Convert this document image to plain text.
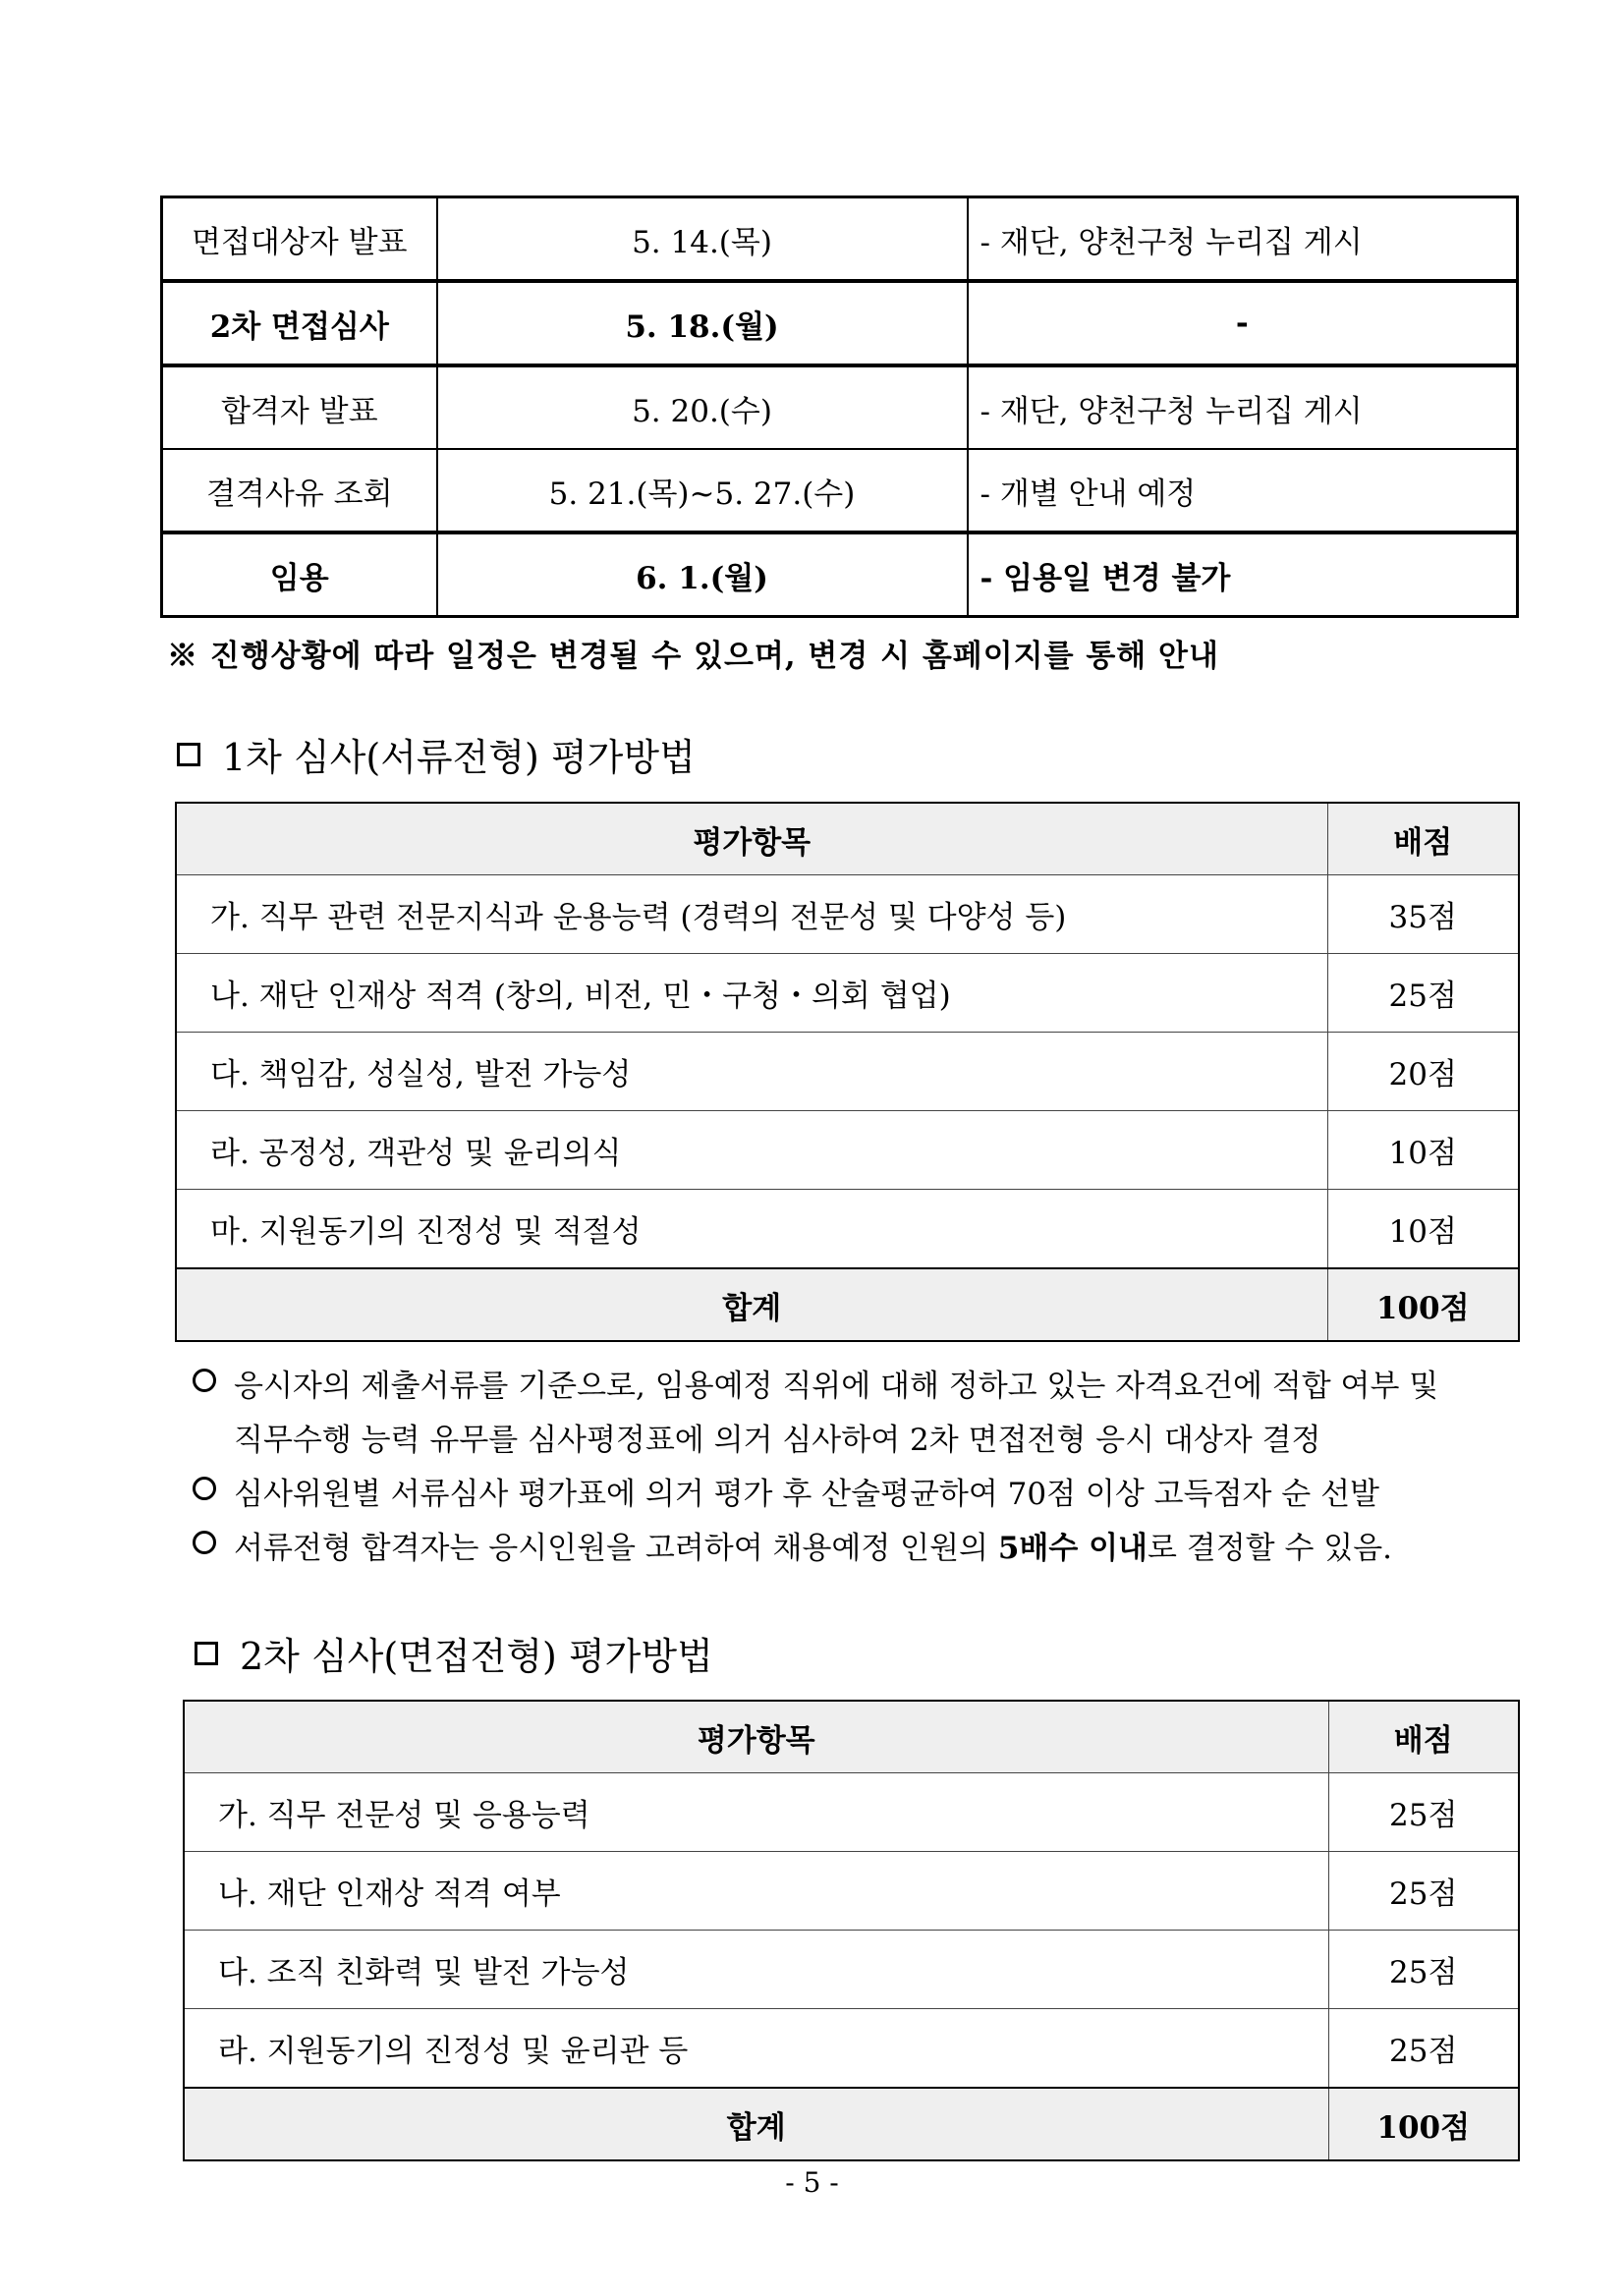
면접대상자 발표	5. 14.(목)	- 재단, 양천구청 누리집 게시
2차 면접심사	5. 18.(월)	-
합격자 발표	5. 20.(수)	- 재단, 양천구청 누리집 게시
결격사유 조회	5. 21.(목)~5. 27.(수)	- 개별 안내 예정
임용	6. 1.(월)	- 임용일 변경 불가
※ 진행상황에 따라 일정은 변경될 수 있으며, 변경 시 홈페이지를 통해 안내
1차 심사(서류전형) 평가방법
평가항목	배점
가. 직무 관련 전문지식과 운용능력 (경력의 전문성 및 다양성 등)	35점
나. 재단 인재상 적격 (창의, 비전, 민・구청・의회 협업)	25점
다. 책임감, 성실성, 발전 가능성	20점
라. 공정성, 객관성 및 윤리의식	10점
마. 지원동기의 진정성 및 적절성	10점
합계	100점
응시자의 제출서류를 기준으로, 임용예정 직위에 대해 정하고 있는 자격요건에 적합 여부 및
직무수행 능력 유무를 심사평정표에 의거 심사하여 2차 면접전형 응시 대상자 결정
심사위원별 서류심사 평가표에 의거 평가 후 산술평균하여 70점 이상 고득점자 순 선발
서류전형 합격자는 응시인원을 고려하여 채용예정 인원의 5배수 이내로 결정할 수 있음.
2차 심사(면접전형) 평가방법
평가항목	배점
가. 직무 전문성 및 응용능력	25점
나. 재단 인재상 적격 여부	25점
다. 조직 친화력 및 발전 가능성	25점
라. 지원동기의 진정성 및 윤리관 등	25점
합계	100점
- 5 -
